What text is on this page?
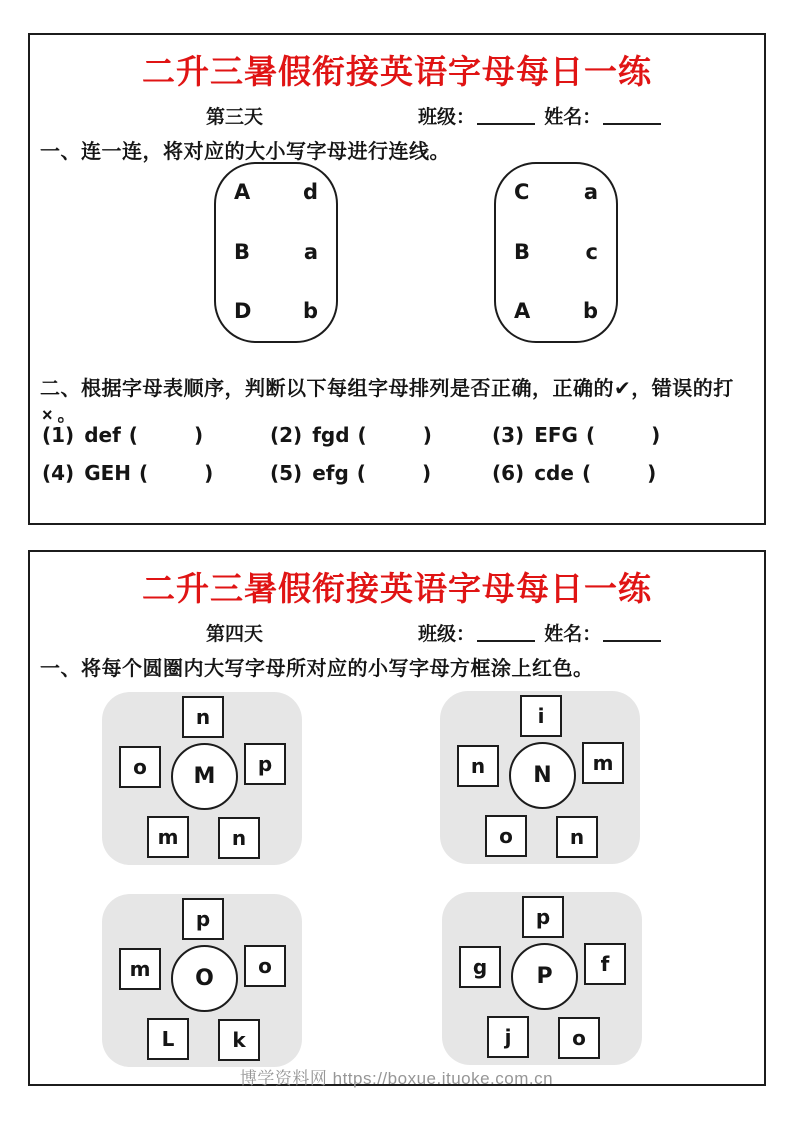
二升三暑假衔接英语字母每日一练
第三天	班级：	姓名：
一、连一连，将对应的大小写字母进行连线。
A	d
B	a
D b
C	a
B	c
A	b
二、根据字母表顺序，判断以下每组字母排列是否正确，正确的✔，错误的打
× 。
(1) def (	)	(2) fgd (	)	(3) EFG (	)
(4) GEH (	)	(5) efg (	)	(6) cde (	)
二升三暑假衔接英语字母每日一练
第四天	班级：	姓名：
一、将每个圆圈内大写字母所对应的小写字母方框涂上红色。
n
o	p
m	n
M
i
n	m
o	n
N
p
m	o
L	k
O
p
g	f
j	o
P
博学资料网 https://boxue.ituoke.com.cn
